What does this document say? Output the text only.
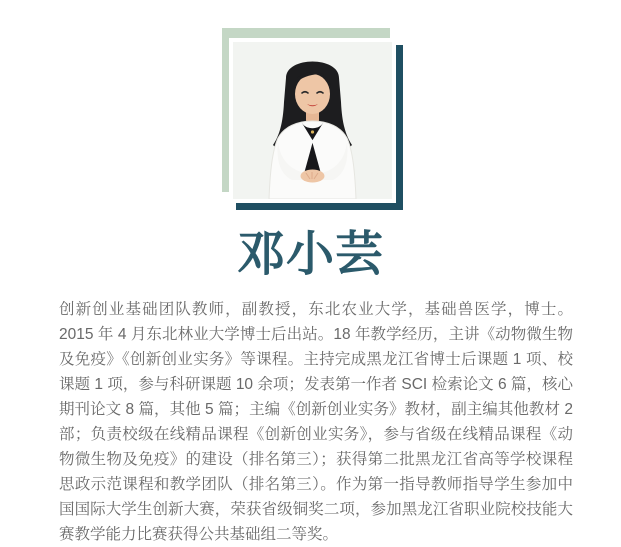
邓小芸

创新创业基础团队教师，副教授，东北农业大学，基础兽医学，博士。2015 年 4 月东北林业大学博士后出站。18 年教学经历，主讲《动物微生物及免疫》《创新创业实务》等课程。主持完成黑龙江省博士后课题 1 项、校课题 1 项，参与科研课题 10 余项；发表第一作者 SCI 检索论文 6 篇，核心期刊论文 8 篇，其他 5 篇；主编《创新创业实务》教材，副主编其他教材 2 部；负责校级在线精品课程《创新创业实务》，参与省级在线精品课程《动物微生物及免疫》的建设（排名第三）；获得第二批黑龙江省高等学校课程思政示范课程和教学团队（排名第三）。作为第一指导教师指导学生参加中国国际大学生创新大赛，荣获省级铜奖二项，参加黑龙江省职业院校技能大赛教学能力比赛获得公共基础组二等奖。
